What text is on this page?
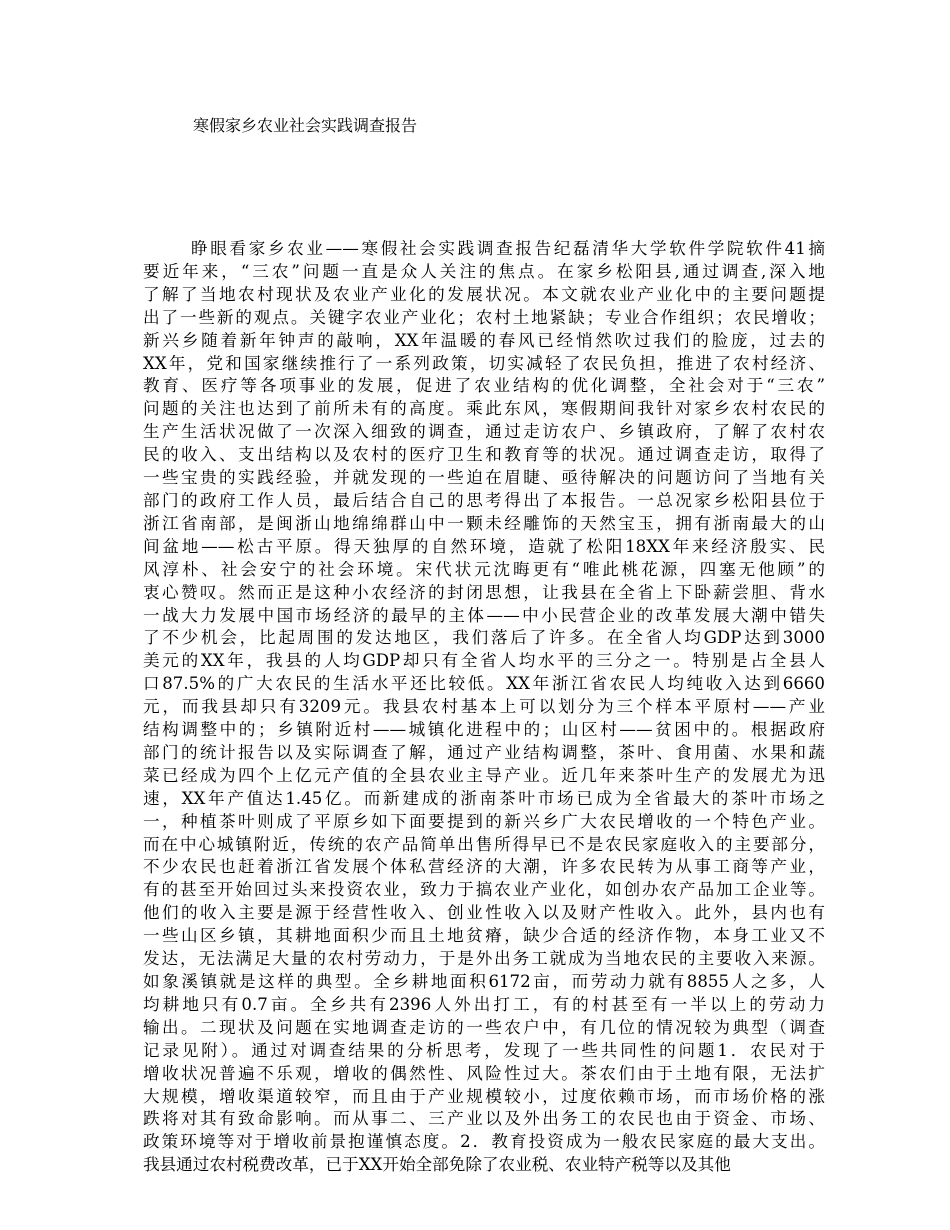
寒假家乡农业社会实践调查报告
睁眼看家乡农业——寒假社会实践调查报告纪磊清华大学软件学院软件41摘
要近年来，“三农”问题一直是众人关注的焦点。在家乡松阳县,通过调查,深入地
了解了当地农村现状及农业产业化的发展状况。本文就农业产业化中的主要问题提
出了一些新的观点。关键字农业产业化；农村土地紧缺；专业合作组织；农民增收；
新兴乡随着新年钟声的敲响，XX年温暖的春风已经悄然吹过我们的脸庞，过去的
XX年，党和国家继续推行了一系列政策，切实减轻了农民负担，推进了农村经济、
教育、医疗等各项事业的发展，促进了农业结构的优化调整，全社会对于“三农”
问题的关注也达到了前所未有的高度。乘此东风，寒假期间我针对家乡农村农民的
生产生活状况做了一次深入细致的调查，通过走访农户、乡镇政府，了解了农村农
民的收入、支出结构以及农村的医疗卫生和教育等的状况。通过调查走访，取得了
一些宝贵的实践经验，并就发现的一些迫在眉睫、亟待解决的问题访问了当地有关
部门的政府工作人员，最后结合自己的思考得出了本报告。一总况家乡松阳县位于
浙江省南部，是闽浙山地绵绵群山中一颗未经雕饰的天然宝玉，拥有浙南最大的山
间盆地——松古平原。得天独厚的自然环境，造就了松阳18XX年来经济殷实、民
风淳朴、社会安宁的社会环境。宋代状元沈晦更有“唯此桃花源，四塞无他顾”的
衷心赞叹。然而正是这种小农经济的封闭思想，让我县在全省上下卧薪尝胆、背水
一战大力发展中国市场经济的最早的主体——中小民营企业的改革发展大潮中错失
了不少机会，比起周围的发达地区，我们落后了许多。在全省人均GDP达到3000
美元的XX年，我县的人均GDP却只有全省人均水平的三分之一。特别是占全县人
口87.5%的广大农民的生活水平还比较低。XX年浙江省农民人均纯收入达到6660
元，而我县却只有3209元。我县农村基本上可以划分为三个样本平原村——产业
结构调整中的；乡镇附近村——城镇化进程中的；山区村——贫困中的。根据政府
部门的统计报告以及实际调查了解，通过产业结构调整，茶叶、食用菌、水果和蔬
菜已经成为四个上亿元产值的全县农业主导产业。近几年来茶叶生产的发展尤为迅
速，XX年产值达1.45亿。而新建成的浙南茶叶市场已成为全省最大的茶叶市场之
一，种植茶叶则成了平原乡如下面要提到的新兴乡广大农民增收的一个特色产业。
而在中心城镇附近，传统的农产品简单出售所得早已不是农民家庭收入的主要部分，
不少农民也赶着浙江省发展个体私营经济的大潮，许多农民转为从事工商等产业，
有的甚至开始回过头来投资农业，致力于搞农业产业化，如创办农产品加工企业等。
他们的收入主要是源于经营性收入、创业性收入以及财产性收入。此外，县内也有
一些山区乡镇，其耕地面积少而且土地贫瘠，缺少合适的经济作物，本身工业又不
发达，无法满足大量的农村劳动力，于是外出务工就成为当地农民的主要收入来源。
如象溪镇就是这样的典型。全乡耕地面积6172亩，而劳动力就有8855人之多，人
均耕地只有0.7亩。全乡共有2396人外出打工，有的村甚至有一半以上的劳动力
输出。二现状及问题在实地调查走访的一些农户中，有几位的情况较为典型（调查
记录见附）。通过对调查结果的分析思考，发现了一些共同性的问题1．农民对于
增收状况普遍不乐观，增收的偶然性、风险性过大。茶农们由于土地有限，无法扩
大规模，增收渠道较窄，而且由于产业规模较小，过度依赖市场，而市场价格的涨
跌将对其有致命影响。而从事二、三产业以及外出务工的农民也由于资金、市场、
政策环境等对于增收前景抱谨慎态度。2．教育投资成为一般农民家庭的最大支出。
我县通过农村税费改革，已于XX开始全部免除了农业税、农业特产税等以及其他
